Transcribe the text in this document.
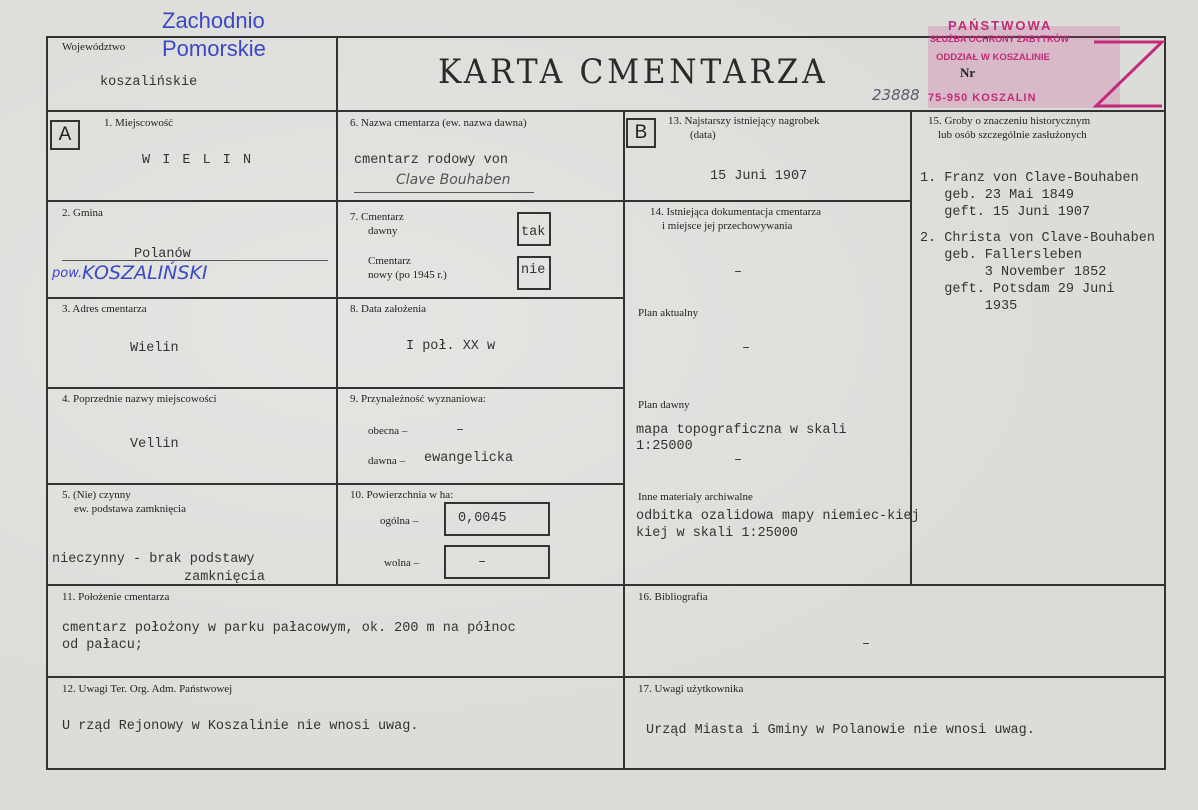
Województwo
Zachodnio
Pomorskie
koszalińskie	KARTA CMENTARZA
23888
PAŃSTWOWA
SŁUŻBA OCHRONY ZABYTKÓW
ODDZIAŁ W KOSZALINIE
Nr
75-950 KOSZALIN
A
1. Miejscowość
W I E L I N
2. Gmina
Polanów
pow. KOSZALIŃSKI
3. Adres cmentarza
Wielin
4. Poprzednie nazwy miejscowości
Vellin
5. (Nie) czynny
ew. podstawa zamknięcia
nieczynny - brak podstawy
zamknięcia
6. Nazwa cmentarza (ew. nazwa dawna)
cmentarz rodowy von
Clave Bouhaben
7. Cmentarz
dawny	tak
Cmentarz
nowy (po 1945 r.)	nie
8. Data założenia
I poł. XX w
9. Przynależność wyznaniowa:
obecna –	–
dawna – ewangelicka
10. Powierzchnia w ha:
ogólna –	0,0045
wolna –	–
B
13. Najstarszy istniejący nagrobek
(data)
15 Juni 1907
14. Istniejąca dokumentacja cmentarza
i miejsce jej przechowywania
–
Plan aktualny
–
Plan dawny
mapa topograficzna w skali
1:25000
–
Inne materiały archiwalne
odbitka ozalidowa mapy niemiec-kiej
kiej w skali 1:25000
15. Groby o znaczeniu historycznym
lub osób szczególnie zasłużonych
1. Franz von Clave-Bouhaben
geb. 23 Mai 1849
geft. 15 Juni 1907
2. Christa von Clave-Bouhaben
geb. Fallersleben
3 November 1852
geft. Potsdam 29 Juni
1935
11. Położenie cmentarza
cmentarz położony w parku pałacowym, ok. 200 m na północ
od pałacu;
16. Bibliografia
–
12. Uwagi Ter. Org. Adm. Państwowej
U rząd Rejonowy w Koszalinie nie wnosi uwag.
17. Uwagi użytkownika
Urząd Miasta i Gminy w Polanowie nie wnosi uwag.
